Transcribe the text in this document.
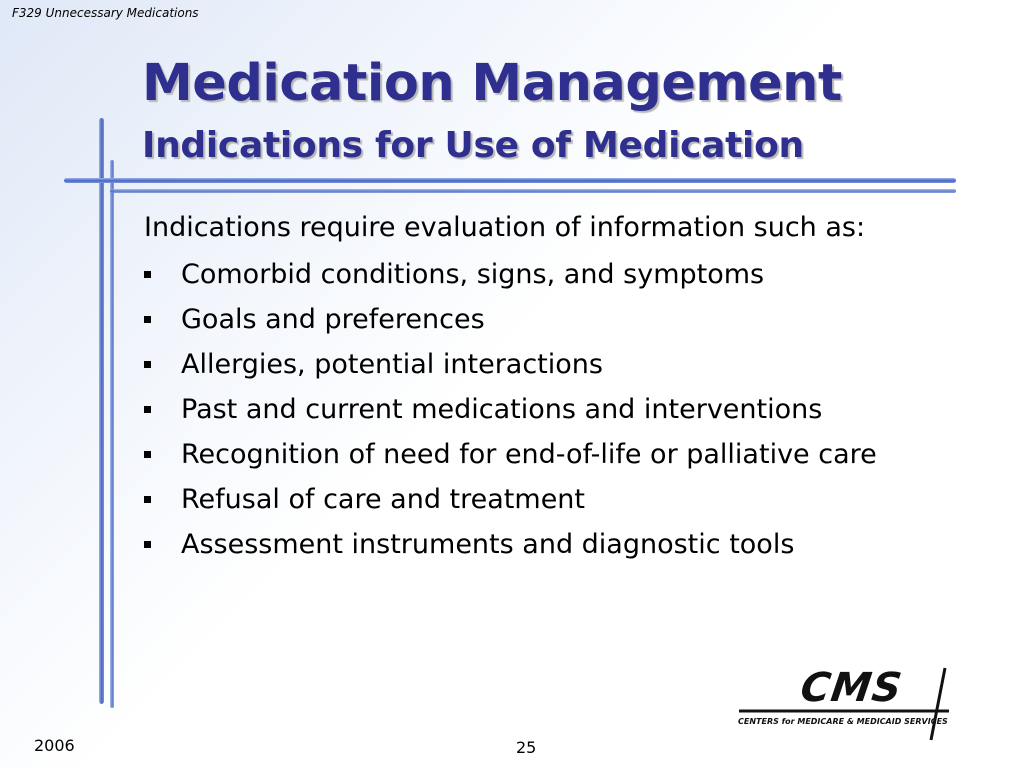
F329 Unnecessary Medications
Medication Management
Indications for Use of Medication
Indications require evaluation of information such as:
Comorbid conditions, signs, and symptoms
Goals and preferences
Allergies, potential interactions
Past and current medications and interventions
Recognition of need for end-of-life or palliative care
Refusal of care and treatment
Assessment instruments and diagnostic tools
CMS
CENTERS for MEDICARE & MEDICAID SERVICES
2006	25
